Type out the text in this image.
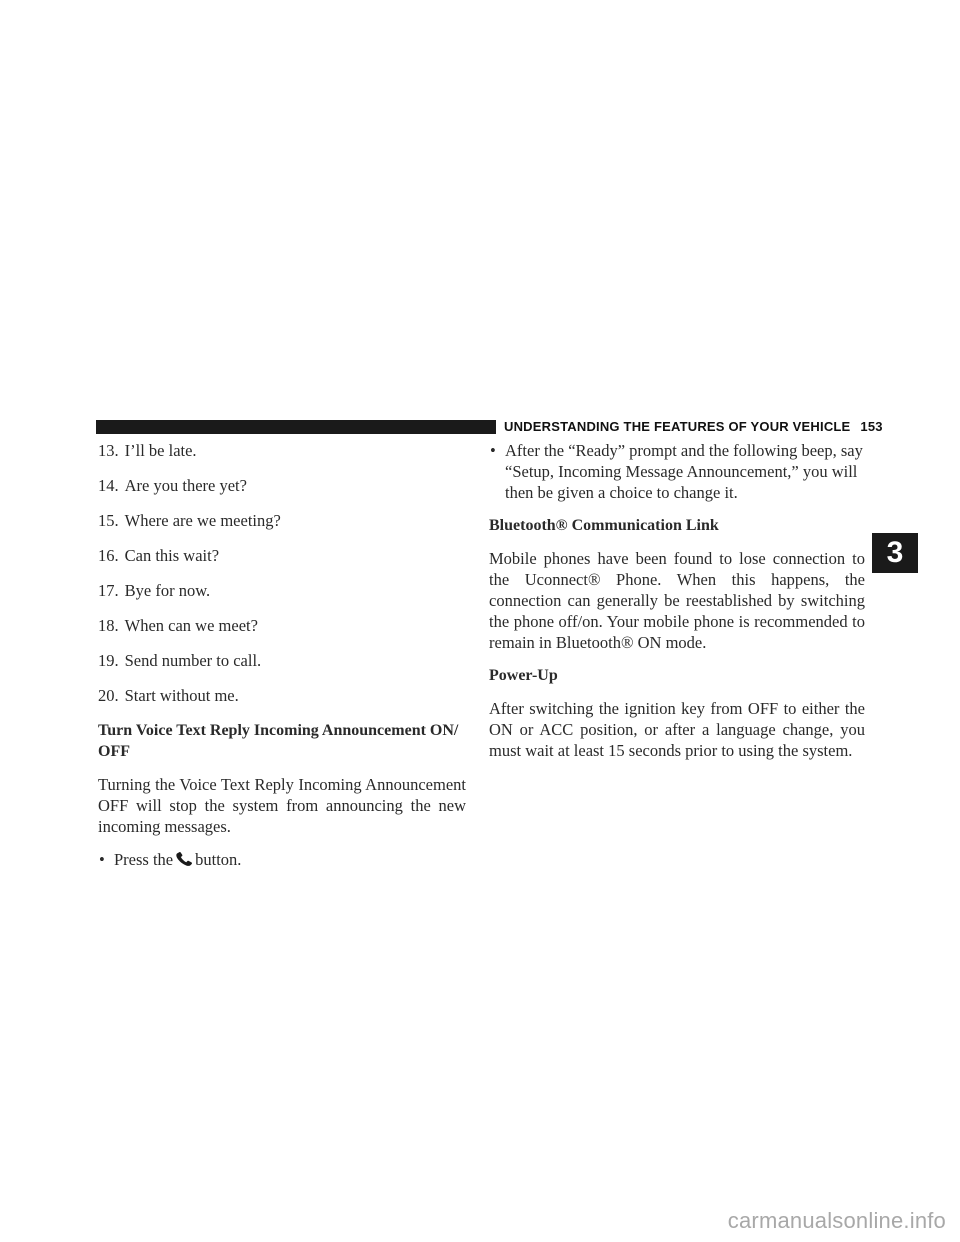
UNDERSTANDING THE FEATURES OF YOUR VEHICLE 153
13. I’ll be late.
14. Are you there yet?
15. Where are we meeting?
16. Can this wait?
17. Bye for now.
18. When can we meet?
19. Send number to call.
20. Start without me.
Turn Voice Text Reply Incoming Announcement ON/ OFF

Turning the Voice Text Reply Incoming Announcement OFF will stop the system from announcing the new incoming messages.

• Press the button.
• After the “Ready” prompt and the following beep, say “Setup, Incoming Message Announcement,” you will then be given a choice to change it.
Bluetooth® Communication Link

Mobile phones have been found to lose connection to the Uconnect® Phone. When this happens, the connection can generally be reestablished by switching the phone off/on. Your mobile phone is recommended to remain in Bluetooth® ON mode.

Power-Up

After switching the ignition key from OFF to either the ON or ACC position, or after a language change, you must wait at least 15 seconds prior to using the system.

3
carmanualsonline.info
